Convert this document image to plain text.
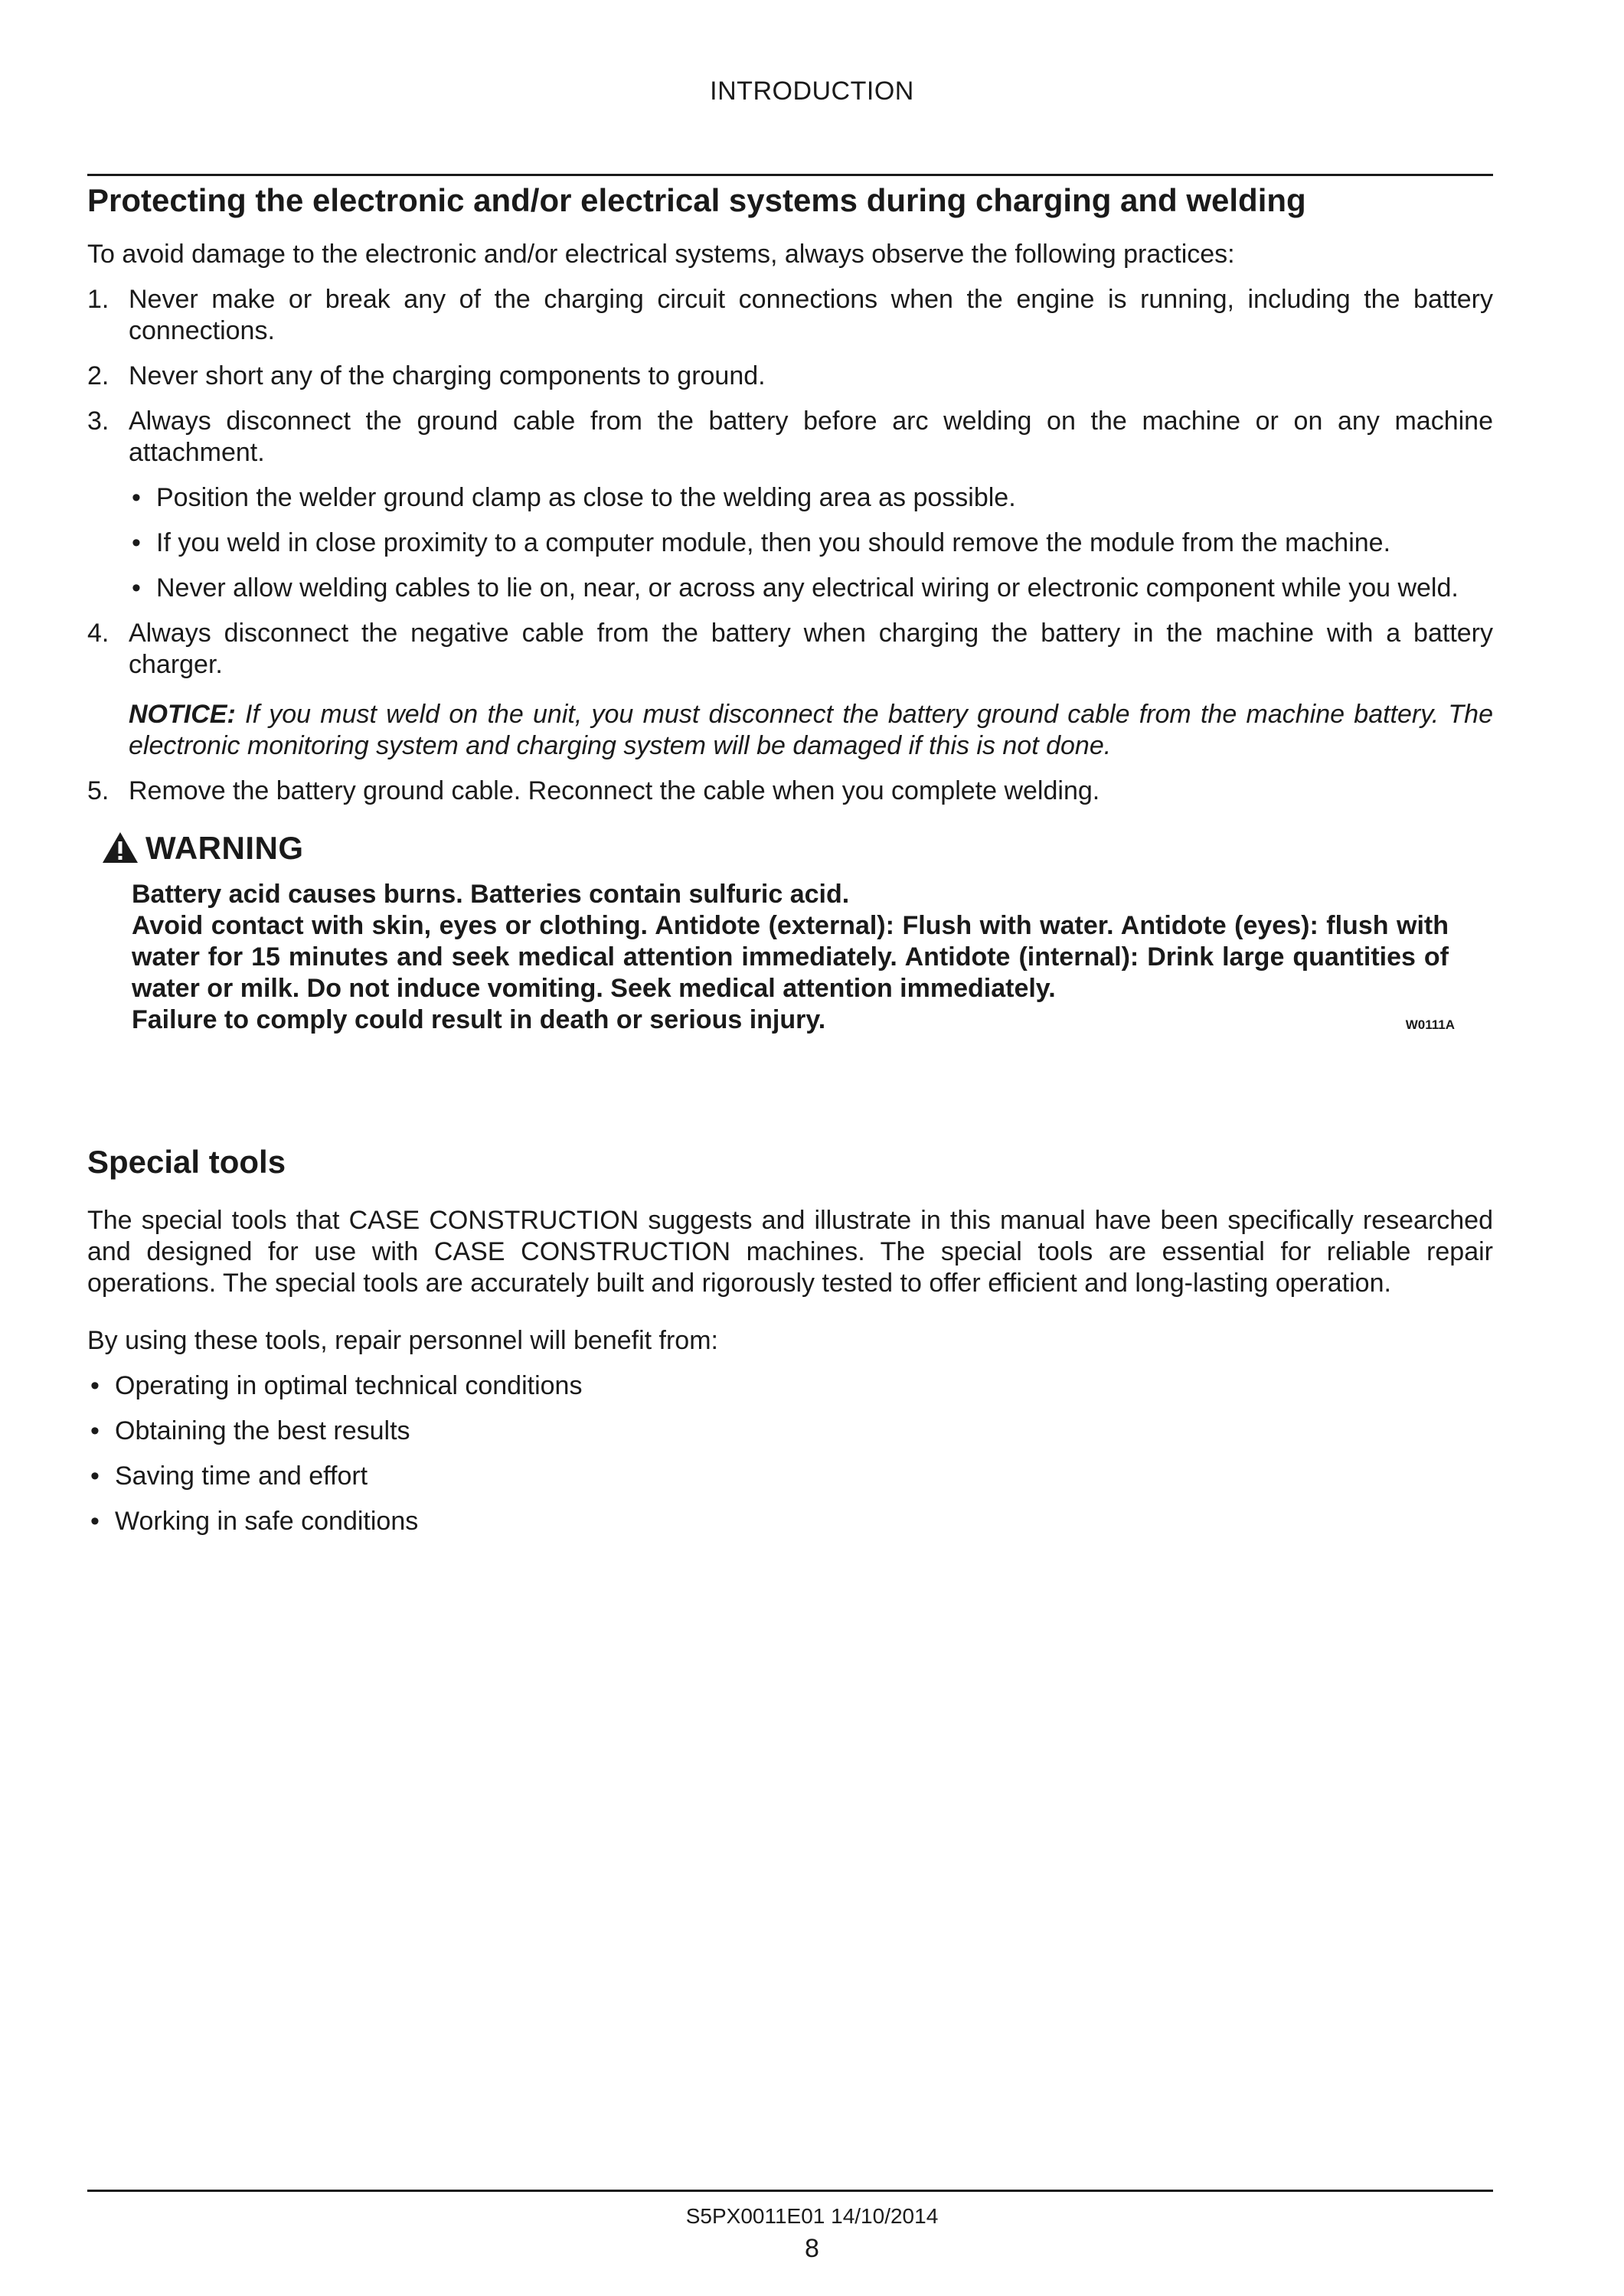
INTRODUCTION
Protecting the electronic and/or electrical systems during charging and welding

To avoid damage to the electronic and/or electrical systems, always observe the following practices:

1. Never make or break any of the charging circuit connections when the engine is running, including the battery connections.
2. Never short any of the charging components to ground.
3. Always disconnect the ground cable from the battery before arc welding on the machine or on any machine attachment.
• Position the welder ground clamp as close to the welding area as possible.
• If you weld in close proximity to a computer module, then you should remove the module from the machine.
• Never allow welding cables to lie on, near, or across any electrical wiring or electronic component while you weld.
4. Always disconnect the negative cable from the battery when charging the battery in the machine with a battery charger.
NOTICE: If you must weld on the unit, you must disconnect the battery ground cable from the machine battery. The electronic monitoring system and charging system will be damaged if this is not done.
5. Remove the battery ground cable. Reconnect the cable when you complete welding.
WARNING
Battery acid causes burns. Batteries contain sulfuric acid.
Avoid contact with skin, eyes or clothing. Antidote (external): Flush with water. Antidote (eyes): flush with water for 15 minutes and seek medical attention immediately. Antidote (internal): Drink large quantities of water or milk. Do not induce vomiting. Seek medical attention immediately.
Failure to comply could result in death or serious injury.	W0111A
Special tools

The special tools that CASE CONSTRUCTION suggests and illustrate in this manual have been specifically researched and designed for use with CASE CONSTRUCTION machines. The special tools are essential for reliable repair operations. The special tools are accurately built and rigorously tested to offer efficient and long-lasting operation.

By using these tools, repair personnel will benefit from:

• Operating in optimal technical conditions
• Obtaining the best results
• Saving time and effort
• Working in safe conditions
S5PX0011E01 14/10/2014
8
